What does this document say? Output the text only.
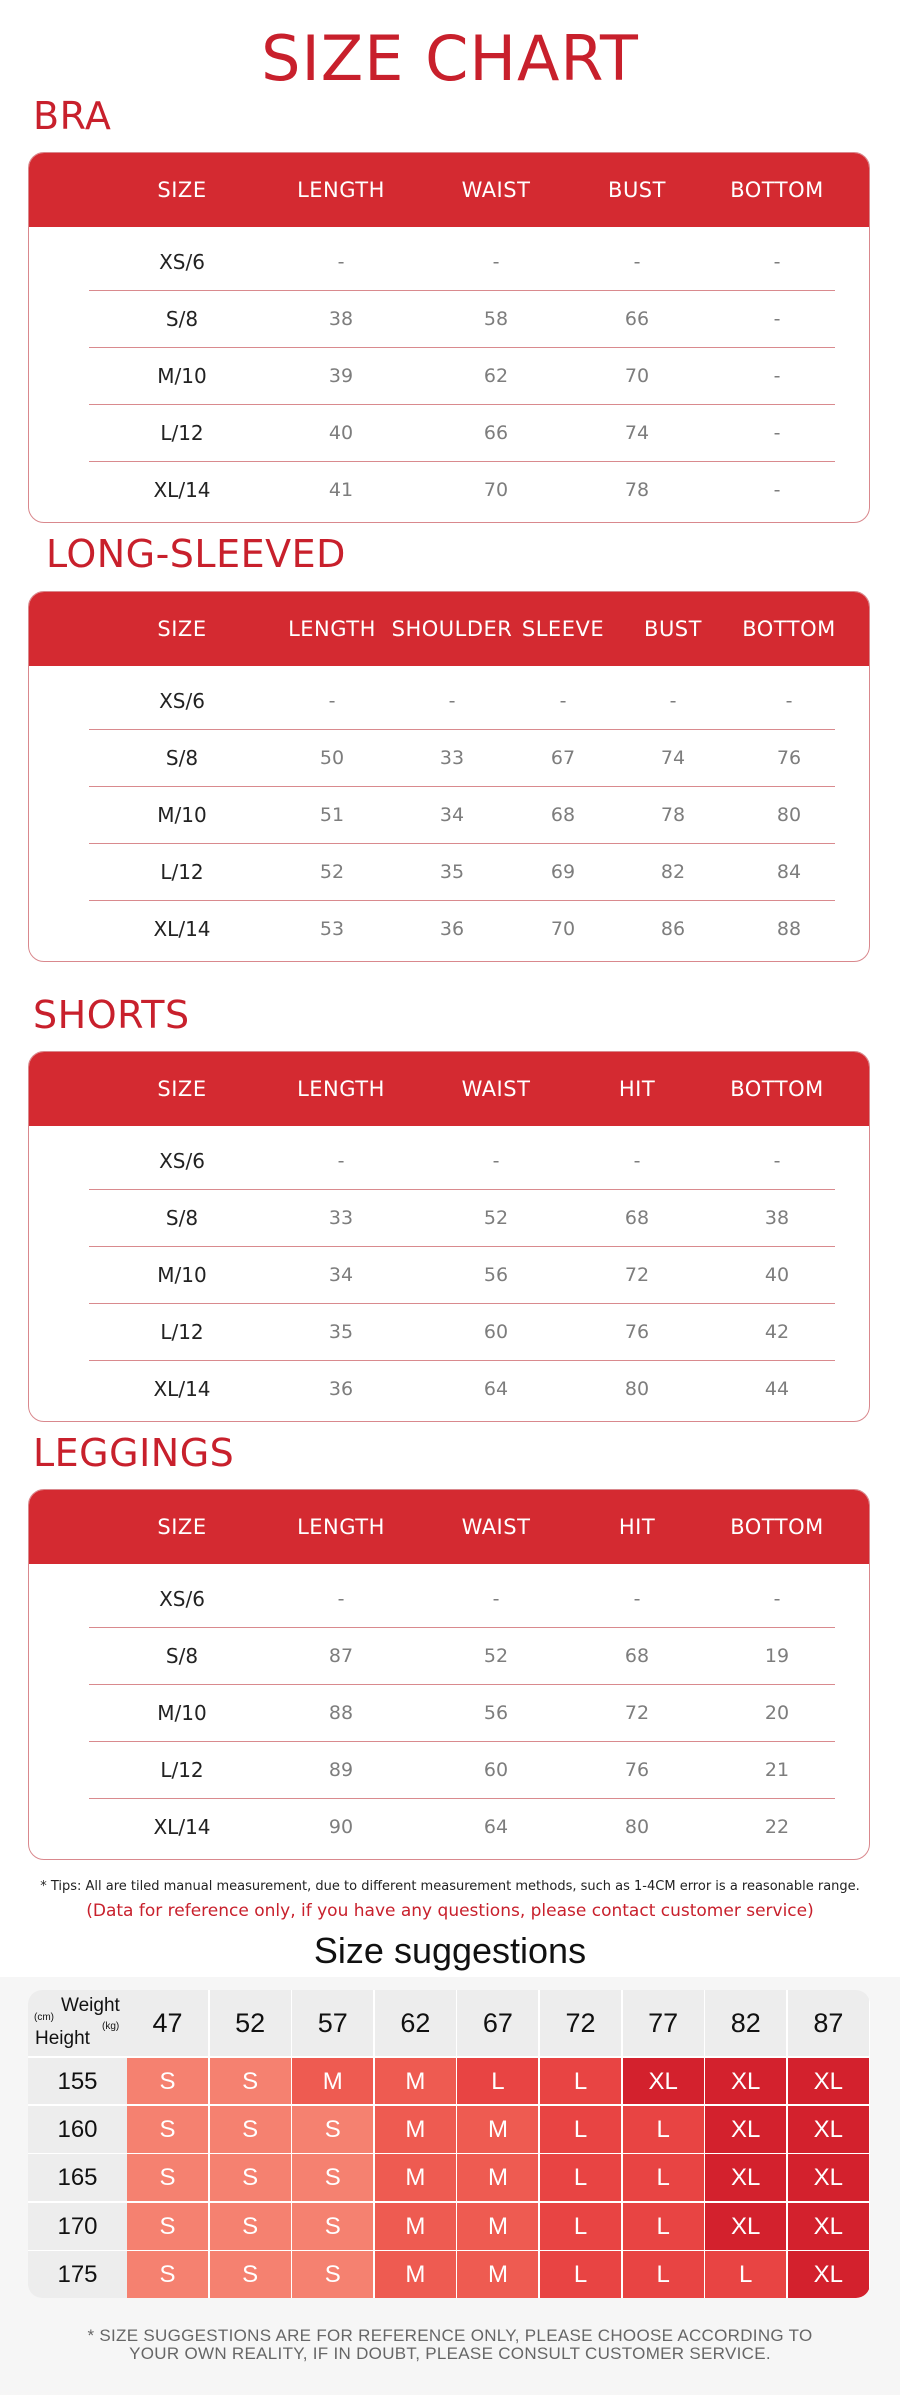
SIZE CHART
BRA
LONG-SLEEVED
SHORTS
LEGGINGS
SIZE	LENGTH	WAIST	BUST	BOTTOM
XS/6	-	-	-	-
S/8	38	58	66	-
M/10	39	62	70	-
L/12	40	66	74	-
XL/14	41	70	78	-
SIZE	LENGTH SHOULDER SLEEVE BUST BOTTOM
XS/6	-	-	-	-	-
S/8	50	33	67	74	76
M/10	51	34	68	78	80
L/12	52	35	69	82	84
XL/14	53	36	70	86	88
SIZE	LENGTH	WAIST	HIT	BOTTOM
XS/6	-	-	-	-
S/8	33	52	68	38
M/10	34	56	72	40
L/12	35	60	76	42
XL/14	36	64	80	44
SIZE	LENGTH	WAIST	HIT	BOTTOM
XS/6	-	-	-	-
S/8	87	52	68	19
M/10	88	56	72	20
L/12	89	60	76	21
XL/14	90	64	80	22
* Tips: All are tiled manual measurement, due to different measurement methods, such as 1-4CM error is a reasonable range.
(Data for reference only, if you have any questions, please contact customer service)
Size suggestions
Weight
(kg)
(cm)
Height
47	52	57	62	67	72	77	82	87
155	S	S	M	M	L	L	XL	XL	XL
160	S	S	S	M	M	L	L	XL	XL
165	S	S	S	M	M	L	L	XL	XL
170	S	S	S	M	M	L	L	XL	XL
175	S	S	S	M	M	L	L	L	XL
* SIZE SUGGESTIONS ARE FOR REFERENCE ONLY, PLEASE CHOOSE ACCORDING TO
YOUR OWN REALITY, IF IN DOUBT, PLEASE CONSULT CUSTOMER SERVICE.
